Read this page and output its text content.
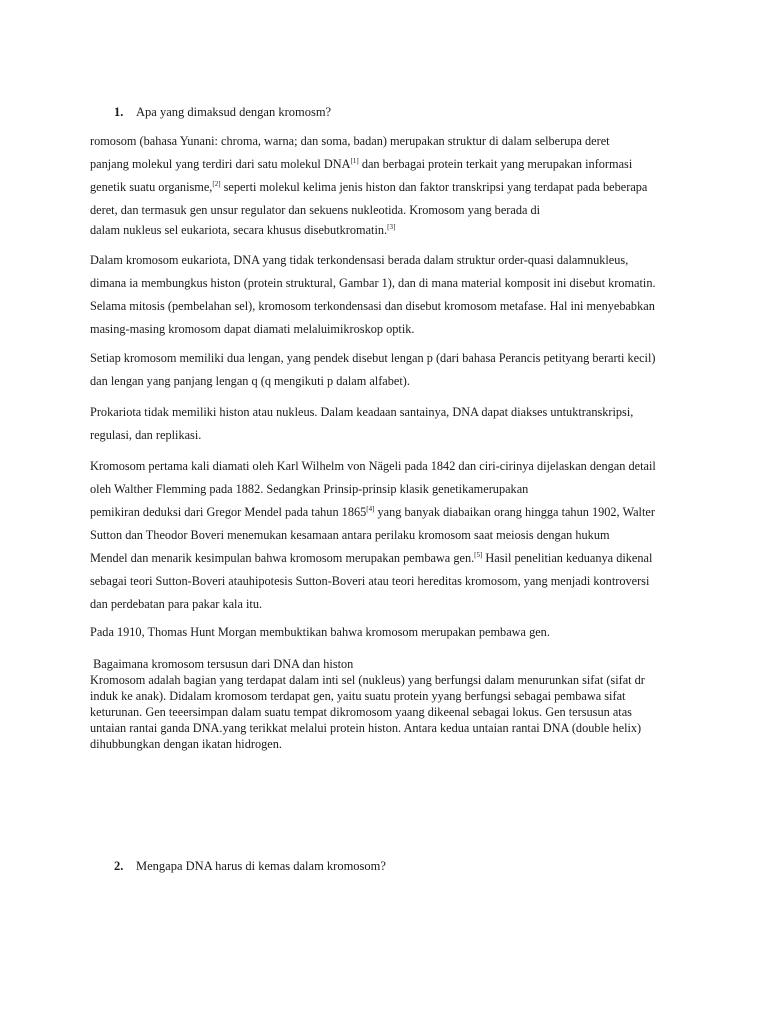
1. Apa yang dimaksud dengan kromosm?
romosom (bahasa Yunani: chroma, warna; dan soma, badan) merupakan struktur di dalam selberupa deret
panjang molekul yang terdiri dari satu molekul DNA[1] dan berbagai protein terkait yang merupakan informasi
genetik suatu organisme,[2] seperti molekul kelima jenis histon dan faktor transkripsi yang terdapat pada beberapa
deret, dan termasuk gen unsur regulator dan sekuens nukleotida. Kromosom yang berada di
dalam nukleus sel eukariota, secara khusus disebutkromatin.[3]
Dalam kromosom eukariota, DNA yang tidak terkondensasi berada dalam struktur order-quasi dalamnukleus,
dimana ia membungkus histon (protein struktural, Gambar 1), dan di mana material komposit ini disebut kromatin.
Selama mitosis (pembelahan sel), kromosom terkondensasi dan disebut kromosom metafase. Hal ini menyebabkan
masing-masing kromosom dapat diamati melaluimikroskop optik.
Setiap kromosom memiliki dua lengan, yang pendek disebut lengan p (dari bahasa Perancis petityang berarti kecil)
dan lengan yang panjang lengan q (q mengikuti p dalam alfabet).
Prokariota tidak memiliki histon atau nukleus. Dalam keadaan santainya, DNA dapat diakses untuktranskripsi,
regulasi, dan replikasi.
Kromosom pertama kali diamati oleh Karl Wilhelm von Nägeli pada 1842 dan ciri-cirinya dijelaskan dengan detail
oleh Walther Flemming pada 1882. Sedangkan Prinsip-prinsip klasik genetikamerupakan
pemikiran deduksi dari Gregor Mendel pada tahun 1865[4] yang banyak diabaikan orang hingga tahun 1902, Walter
Sutton dan Theodor Boveri menemukan kesamaan antara perilaku kromosom saat meiosis dengan hukum
Mendel dan menarik kesimpulan bahwa kromosom merupakan pembawa gen.[5] Hasil penelitian keduanya dikenal
sebagai teori Sutton-Boveri atauhipotesis Sutton-Boveri atau teori hereditas kromosom, yang menjadi kontroversi
dan perdebatan para pakar kala itu.
Pada 1910, Thomas Hunt Morgan membuktikan bahwa kromosom merupakan pembawa gen.
Bagaimana kromosom tersusun dari DNA dan histon
Kromosom adalah bagian yang terdapat dalam inti sel (nukleus) yang berfungsi dalam menurunkan sifat (sifat dr
induk ke anak). Didalam kromosom terdapat gen, yaitu suatu protein yyang berfungsi sebagai pembawa sifat
keturunan. Gen teeersimpan dalam suatu tempat dikromosom yaang dikeenal sebagai lokus. Gen tersusun atas
untaian rantai ganda DNA.yang terikkat melalui protein histon. Antara kedua untaian rantai DNA (double helix)
dihubbungkan dengan ikatan hidrogen.
2. Mengapa DNA harus di kemas dalam kromosom?
